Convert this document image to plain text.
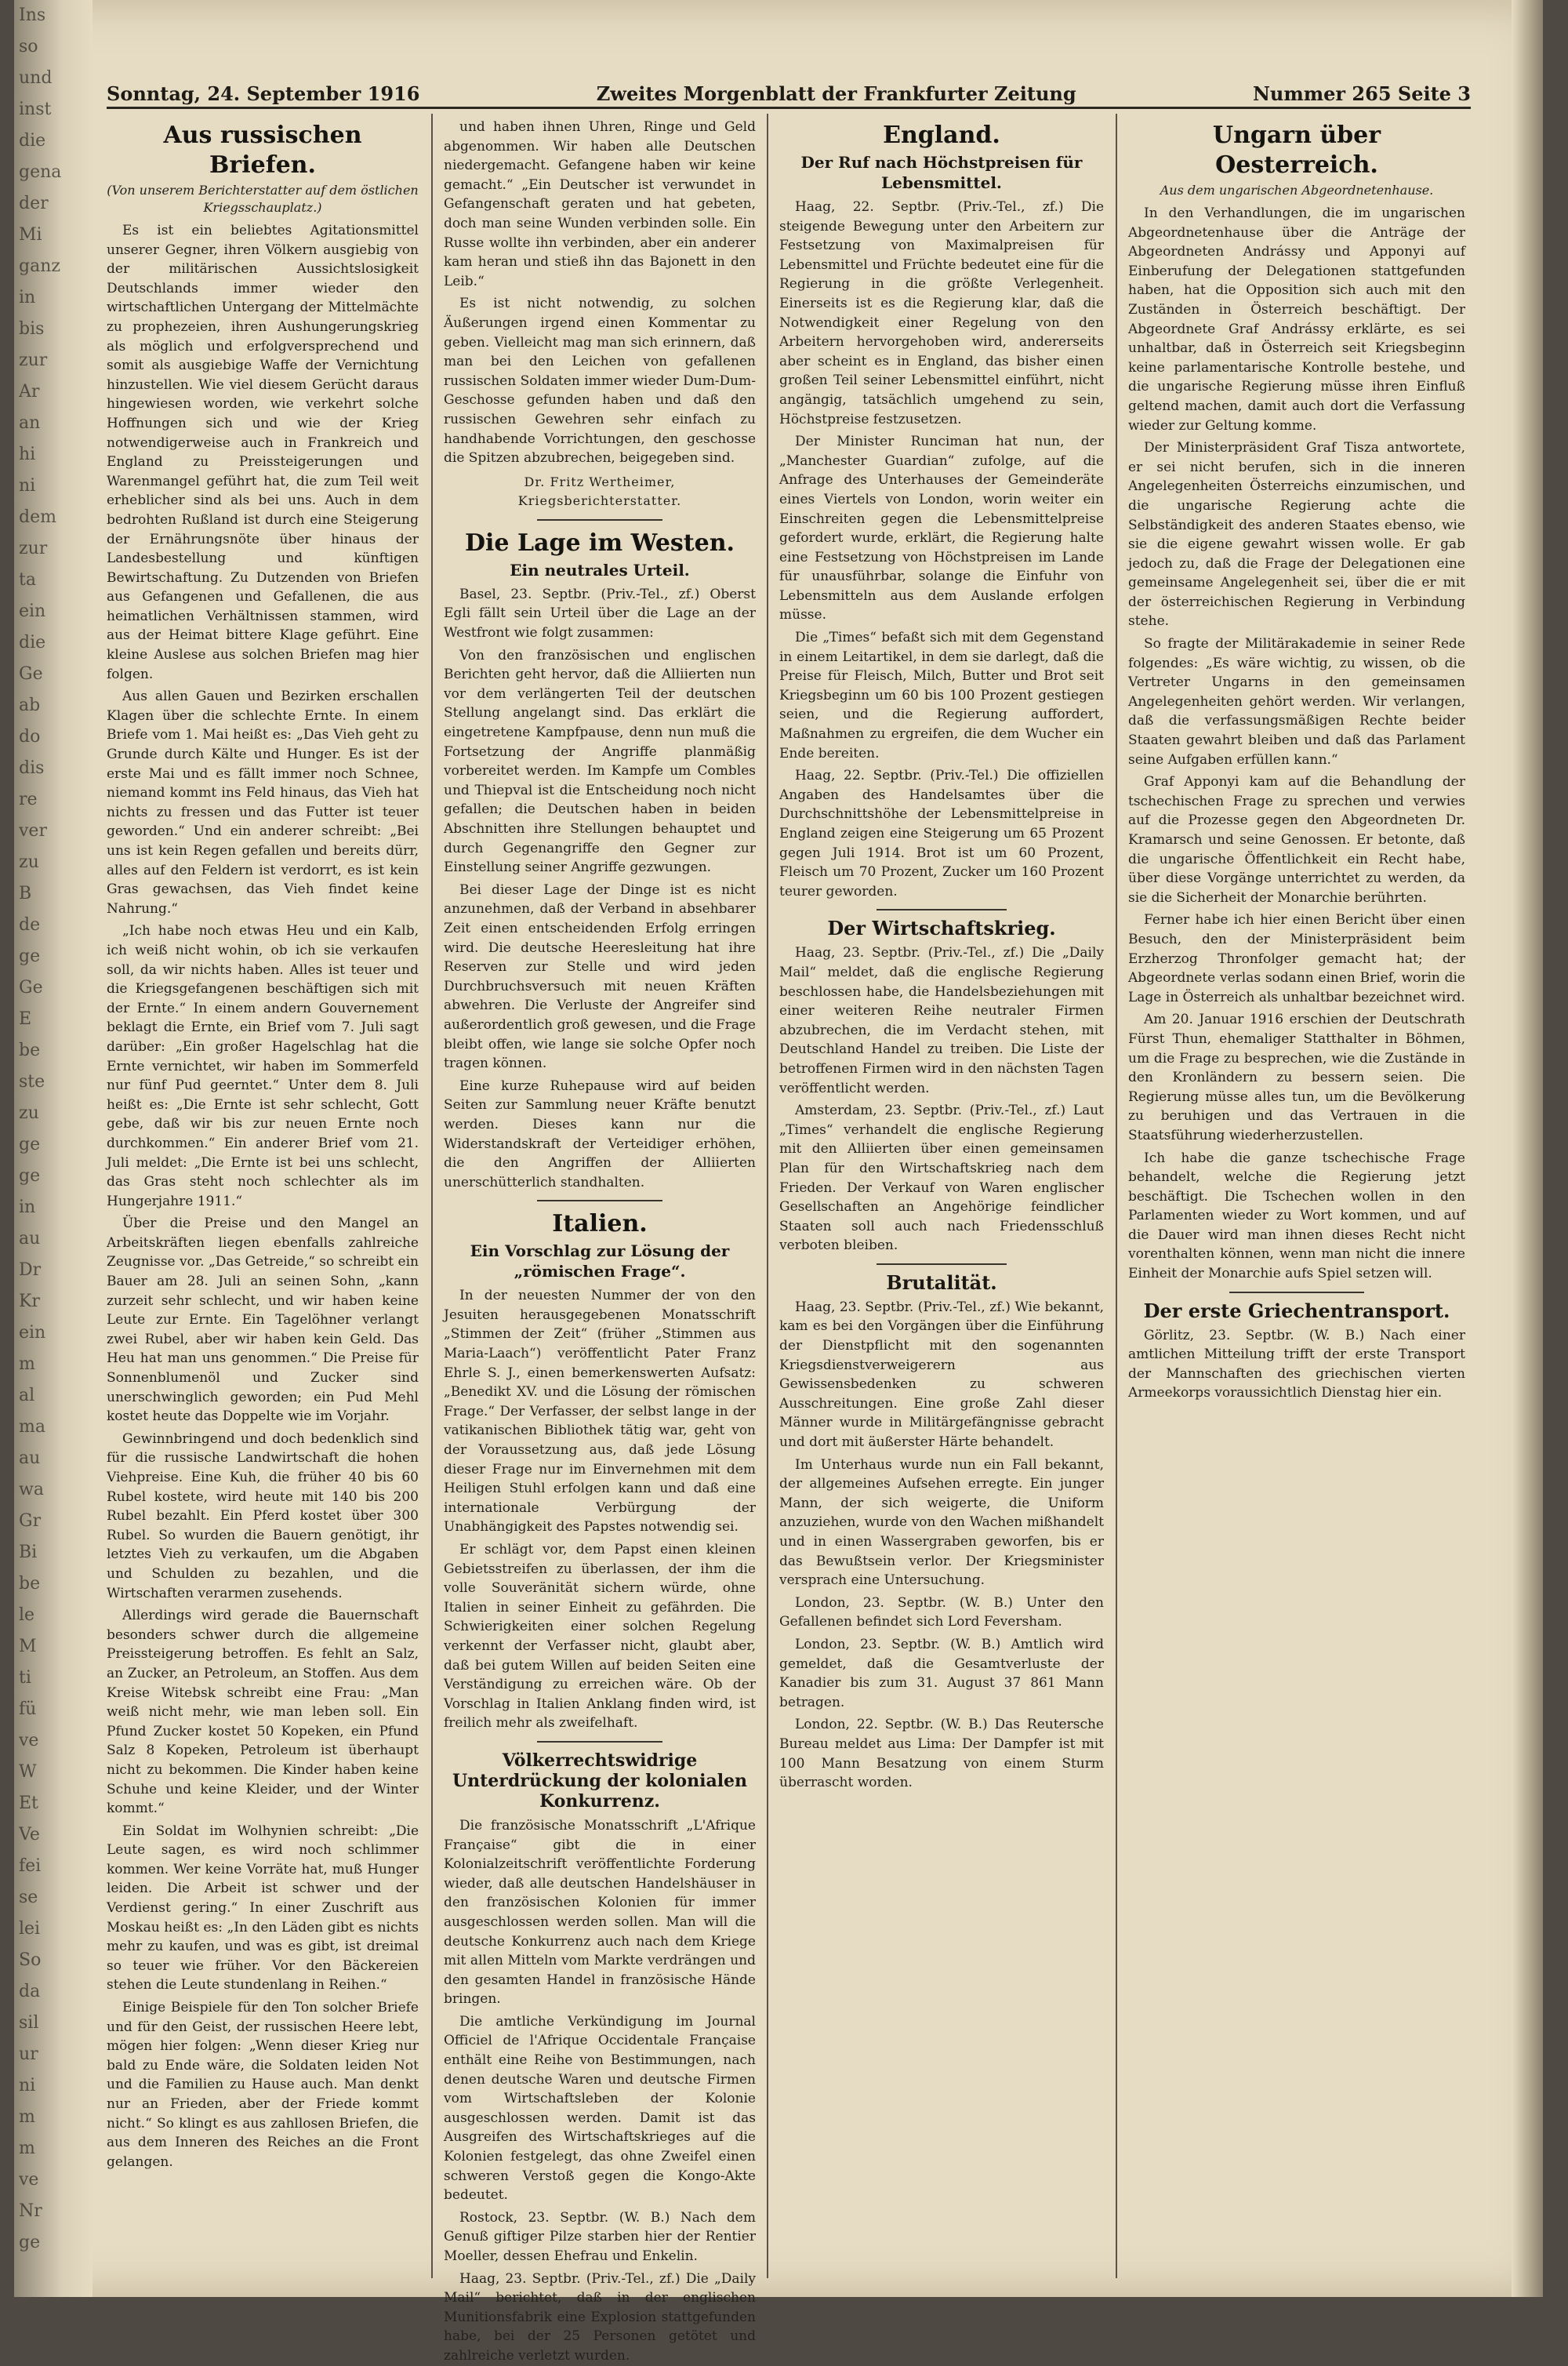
Ins
so
und
inst
die
gena
der
Mi
ganz
in
bis
zur
Ar
an
hi
ni
dem
zur
ta
ein
die
Ge
ab
do
dis
re
ver
zu
B
de
ge
Ge
E
be
ste
zu
ge
ge
in
au
Dr
Kr
ein
m
al
ma
au
wa
Gr
Bi
be
le
M
ti
fü
ve
W
Et
Ve
fei
se
lei
So
da
sil
ur
ni
m
m
ve
Nr
ge
Sonntag, 24. September 1916	Zweites Morgenblatt der Frankfurter Zeitung	Nummer 265 Seite 3
Aus russischen Briefen.
(Von unserem Berichterstatter auf dem östlichen Kriegsschauplatz.)

Es ist ein beliebtes Agitationsmittel unserer Gegner, ihren Völkern ausgiebig von der militärischen Aussichtslosigkeit Deutschlands immer wieder den wirtschaftlichen Untergang der Mittelmächte zu prophezeien, ihren Aushungerungskrieg als möglich und erfolgversprechend und somit als ausgiebige Waffe der Vernichtung hinzustellen. Wie viel diesem Gerücht daraus hingewiesen worden, wie verkehrt solche Hoffnungen sich und wie der Krieg notwendigerweise auch in Frankreich und England zu Preissteigerungen und Warenmangel geführt hat, die zum Teil weit erheblicher sind als bei uns. Auch in dem bedrohten Rußland ist durch eine Steigerung der Ernährungsnöte über hinaus der Landesbestellung und künftigen Bewirtschaftung. Zu Dutzenden von Briefen aus Gefangenen und Gefallenen, die aus heimatlichen Verhältnissen stammen, wird aus der Heimat bittere Klage geführt. Eine kleine Auslese aus solchen Briefen mag hier folgen.

Aus allen Gauen und Bezirken erschallen Klagen über die schlechte Ernte. In einem Briefe vom 1. Mai heißt es: „Das Vieh geht zu Grunde durch Kälte und Hunger. Es ist der erste Mai und es fällt immer noch Schnee, niemand kommt ins Feld hinaus, das Vieh hat nichts zu fressen und das Futter ist teuer geworden.“ Und ein anderer schreibt: „Bei uns ist kein Regen gefallen und bereits dürr, alles auf den Feldern ist verdorrt, es ist kein Gras gewachsen, das Vieh findet keine Nahrung.“

„Ich habe noch etwas Heu und ein Kalb, ich weiß nicht wohin, ob ich sie verkaufen soll, da wir nichts haben. Alles ist teuer und die Kriegsgefangenen beschäftigen sich mit der Ernte.“ In einem andern Gouvernement beklagt die Ernte, ein Brief vom 7. Juli sagt darüber: „Ein großer Hagelschlag hat die Ernte vernichtet, wir haben im Sommerfeld nur fünf Pud geerntet.“ Unter dem 8. Juli heißt es: „Die Ernte ist sehr schlecht, Gott gebe, daß wir bis zur neuen Ernte noch durchkommen.“ Ein anderer Brief vom 21. Juli meldet: „Die Ernte ist bei uns schlecht, das Gras steht noch schlechter als im Hungerjahre 1911.“

Über die Preise und den Mangel an Arbeitskräften liegen ebenfalls zahlreiche Zeugnisse vor. „Das Getreide,“ so schreibt ein Bauer am 28. Juli an seinen Sohn, „kann zurzeit sehr schlecht, und wir haben keine Leute zur Ernte. Ein Tagelöhner verlangt zwei Rubel, aber wir haben kein Geld. Das Heu hat man uns genommen.“ Die Preise für Sonnenblumenöl und Zucker sind unerschwinglich geworden; ein Pud Mehl kostet heute das Doppelte wie im Vorjahr.

Gewinnbringend und doch bedenklich sind für die russische Landwirtschaft die hohen Viehpreise. Eine Kuh, die früher 40 bis 60 Rubel kostete, wird heute mit 140 bis 200 Rubel bezahlt. Ein Pferd kostet über 300 Rubel. So wurden die Bauern genötigt, ihr letztes Vieh zu verkaufen, um die Abgaben und Schulden zu bezahlen, und die Wirtschaften verarmen zusehends.

Allerdings wird gerade die Bauernschaft besonders schwer durch die allgemeine Preissteigerung betroffen. Es fehlt an Salz, an Zucker, an Petroleum, an Stoffen. Aus dem Kreise Witebsk schreibt eine Frau: „Man weiß nicht mehr, wie man leben soll. Ein Pfund Zucker kostet 50 Kopeken, ein Pfund Salz 8 Kopeken, Petroleum ist überhaupt nicht zu bekommen. Die Kinder haben keine Schuhe und keine Kleider, und der Winter kommt.“

Ein Soldat im Wolhynien schreibt: „Die Leute sagen, es wird noch schlimmer kommen. Wer keine Vorräte hat, muß Hunger leiden. Die Arbeit ist schwer und der Verdienst gering.“ In einer Zuschrift aus Moskau heißt es: „In den Läden gibt es nichts mehr zu kaufen, und was es gibt, ist dreimal so teuer wie früher. Vor den Bäckereien stehen die Leute stundenlang in Reihen.“

Einige Beispiele für den Ton solcher Briefe und für den Geist, der russischen Heere lebt, mögen hier folgen: „Wenn dieser Krieg nur bald zu Ende wäre, die Soldaten leiden Not und die Familien zu Hause auch. Man denkt nur an Frieden, aber der Friede kommt nicht.“ So klingt es aus zahllosen Briefen, die aus dem Inneren des Reiches an die Front gelangen.

und haben ihnen Uhren, Ringe und Geld abgenommen. Wir haben alle Deutschen niedergemacht. Gefangene haben wir keine gemacht.“ „Ein Deutscher ist verwundet in Gefangenschaft geraten und hat gebeten, doch man seine Wunden verbinden solle. Ein Russe wollte ihn verbinden, aber ein anderer kam heran und stieß ihn das Bajonett in den Leib.“

Es ist nicht notwendig, zu solchen Äußerungen irgend einen Kommentar zu geben. Vielleicht mag man sich erinnern, daß man bei den Leichen von gefallenen russischen Soldaten immer wieder Dum-Dum-Geschosse gefunden haben und daß den russischen Gewehren sehr einfach zu handhabende Vorrichtungen, den geschosse die Spitzen abzubrechen, beigegeben sind.

Dr. Fritz Wertheimer, Kriegsberichterstatter.
Die Lage im Westen.
Ein neutrales Urteil.

Basel, 23. Septbr. (Priv.-Tel., zf.) Oberst Egli fällt sein Urteil über die Lage an der Westfront wie folgt zusammen:

Von den französischen und englischen Berichten geht hervor, daß die Alliierten nun vor dem verlängerten Teil der deutschen Stellung angelangt sind. Das erklärt die eingetretene Kampfpause, denn nun muß die Fortsetzung der Angriffe planmäßig vorbereitet werden. Im Kampfe um Combles und Thiepval ist die Entscheidung noch nicht gefallen; die Deutschen haben in beiden Abschnitten ihre Stellungen behauptet und durch Gegenangriffe den Gegner zur Einstellung seiner Angriffe gezwungen.

Bei dieser Lage der Dinge ist es nicht anzunehmen, daß der Verband in absehbarer Zeit einen entscheidenden Erfolg erringen wird. Die deutsche Heeresleitung hat ihre Reserven zur Stelle und wird jeden Durchbruchsversuch mit neuen Kräften abwehren. Die Verluste der Angreifer sind außerordentlich groß gewesen, und die Frage bleibt offen, wie lange sie solche Opfer noch tragen können.

Eine kurze Ruhepause wird auf beiden Seiten zur Sammlung neuer Kräfte benutzt werden. Dieses kann nur die Widerstandskraft der Verteidiger erhöhen, die den Angriffen der Alliierten unerschütterlich standhalten.

Italien.
Ein Vorschlag zur Lösung der „römischen Frage“.

In der neuesten Nummer der von den Jesuiten herausgegebenen Monatsschrift „Stimmen der Zeit“ (früher „Stimmen aus Maria-Laach“) veröffentlicht Pater Franz Ehrle S. J., einen bemerkenswerten Aufsatz: „Benedikt XV. und die Lösung der römischen Frage.“ Der Verfasser, der selbst lange in der vatikanischen Bibliothek tätig war, geht von der Voraussetzung aus, daß jede Lösung dieser Frage nur im Einvernehmen mit dem Heiligen Stuhl erfolgen kann und daß eine internationale Verbürgung der Unabhängigkeit des Papstes notwendig sei.

Er schlägt vor, dem Papst einen kleinen Gebietsstreifen zu überlassen, der ihm die volle Souveränität sichern würde, ohne Italien in seiner Einheit zu gefährden. Die Schwierigkeiten einer solchen Regelung verkennt der Verfasser nicht, glaubt aber, daß bei gutem Willen auf beiden Seiten eine Verständigung zu erreichen wäre. Ob der Vorschlag in Italien Anklang finden wird, ist freilich mehr als zweifelhaft.

Völkerrechtswidrige Unterdrückung der kolonialen Konkurrenz.

Die französische Monatsschrift „L'Afrique Française“ gibt die in einer Kolonialzeitschrift veröffentlichte Forderung wieder, daß alle deutschen Handelshäuser in den französischen Kolonien für immer ausgeschlossen werden sollen. Man will die deutsche Konkurrenz auch nach dem Kriege mit allen Mitteln vom Markte verdrängen und den gesamten Handel in französische Hände bringen.

Die amtliche Verkündigung im Journal Officiel de l'Afrique Occidentale Française enthält eine Reihe von Bestimmungen, nach denen deutsche Waren und deutsche Firmen vom Wirtschaftsleben der Kolonie ausgeschlossen werden. Damit ist das Ausgreifen des Wirtschaftskrieges auf die Kolonien festgelegt, das ohne Zweifel einen schweren Verstoß gegen die Kongo-Akte bedeutet.

Rostock, 23. Septbr. (W. B.) Nach dem Genuß giftiger Pilze starben hier der Rentier Moeller, dessen Ehefrau und Enkelin.

Haag, 23. Septbr. (Priv.-Tel., zf.) Die „Daily Mail“ berichtet, daß in der englischen Munitionsfabrik eine Explosion stattgefunden habe, bei der 25 Personen getötet und zahlreiche verletzt wurden.

England.
Der Ruf nach Höchstpreisen für Lebensmittel.

Haag, 22. Septbr. (Priv.-Tel., zf.) Die steigende Bewegung unter den Arbeitern zur Festsetzung von Maximalpreisen für Lebensmittel und Früchte bedeutet eine für die Regierung in die größte Verlegenheit. Einerseits ist es die Regierung klar, daß die Notwendigkeit einer Regelung von den Arbeitern hervorgehoben wird, andererseits aber scheint es in England, das bisher einen großen Teil seiner Lebensmittel einführt, nicht angängig, tatsächlich umgehend zu sein, Höchstpreise festzusetzen.

Der Minister Runciman hat nun, der „Manchester Guardian“ zufolge, auf die Anfrage des Unterhauses der Gemeinderäte eines Viertels von London, worin weiter ein Einschreiten gegen die Lebensmittelpreise gefordert wurde, erklärt, die Regierung halte eine Festsetzung von Höchstpreisen im Lande für unausführbar, solange die Einfuhr von Lebensmitteln aus dem Auslande erfolgen müsse.

Die „Times“ befaßt sich mit dem Gegenstand in einem Leitartikel, in dem sie darlegt, daß die Preise für Fleisch, Milch, Butter und Brot seit Kriegsbeginn um 60 bis 100 Prozent gestiegen seien, und die Regierung auffordert, Maßnahmen zu ergreifen, die dem Wucher ein Ende bereiten.

Haag, 22. Septbr. (Priv.-Tel.) Die offiziellen Angaben des Handelsamtes über die Durchschnittshöhe der Lebensmittelpreise in England zeigen eine Steigerung um 65 Prozent gegen Juli 1914. Brot ist um 60 Prozent, Fleisch um 70 Prozent, Zucker um 160 Prozent teurer geworden.

Der Wirtschaftskrieg.

Haag, 23. Septbr. (Priv.-Tel., zf.) Die „Daily Mail“ meldet, daß die englische Regierung beschlossen habe, die Handelsbeziehungen mit einer weiteren Reihe neutraler Firmen abzubrechen, die im Verdacht stehen, mit Deutschland Handel zu treiben. Die Liste der betroffenen Firmen wird in den nächsten Tagen veröffentlicht werden.

Amsterdam, 23. Septbr. (Priv.-Tel., zf.) Laut „Times“ verhandelt die englische Regierung mit den Alliierten über einen gemeinsamen Plan für den Wirtschaftskrieg nach dem Frieden. Der Verkauf von Waren englischer Gesellschaften an Angehörige feindlicher Staaten soll auch nach Friedensschluß verboten bleiben.

Brutalität.

Haag, 23. Septbr. (Priv.-Tel., zf.) Wie bekannt, kam es bei den Vorgängen über die Einführung der Dienstpflicht mit den sogenannten Kriegsdienstverweigerern aus Gewissensbedenken zu schweren Ausschreitungen. Eine große Zahl dieser Männer wurde in Militärgefängnisse gebracht und dort mit äußerster Härte behandelt.

Im Unterhaus wurde nun ein Fall bekannt, der allgemeines Aufsehen erregte. Ein junger Mann, der sich weigerte, die Uniform anzuziehen, wurde von den Wachen mißhandelt und in einen Wassergraben geworfen, bis er das Bewußtsein verlor. Der Kriegsminister versprach eine Untersuchung.

London, 23. Septbr. (W. B.) Unter den Gefallenen befindet sich Lord Feversham.

London, 23. Septbr. (W. B.) Amtlich wird gemeldet, daß die Gesamtverluste der Kanadier bis zum 31. August 37 861 Mann betragen.

London, 22. Septbr. (W. B.) Das Reutersche Bureau meldet aus Lima: Der Dampfer ist mit 100 Mann Besatzung von einem Sturm überrascht worden.

Ungarn über Oesterreich.
Aus dem ungarischen Abgeordnetenhause.

In den Verhandlungen, die im ungarischen Abgeordnetenhause über die Anträge der Abgeordneten Andrássy und Apponyi auf Einberufung der Delegationen stattgefunden haben, hat die Opposition sich auch mit den Zuständen in Österreich beschäftigt. Der Abgeordnete Graf Andrássy erklärte, es sei unhaltbar, daß in Österreich seit Kriegsbeginn keine parlamentarische Kontrolle bestehe, und die ungarische Regierung müsse ihren Einfluß geltend machen, damit auch dort die Verfassung wieder zur Geltung komme.

Der Ministerpräsident Graf Tisza antwortete, er sei nicht berufen, sich in die inneren Angelegenheiten Österreichs einzumischen, und die ungarische Regierung achte die Selbständigkeit des anderen Staates ebenso, wie sie die eigene gewahrt wissen wolle. Er gab jedoch zu, daß die Frage der Delegationen eine gemeinsame Angelegenheit sei, über die er mit der österreichischen Regierung in Verbindung stehe.

So fragte der Militärakademie in seiner Rede folgendes: „Es wäre wichtig, zu wissen, ob die Vertreter Ungarns in den gemeinsamen Angelegenheiten gehört werden. Wir verlangen, daß die verfassungsmäßigen Rechte beider Staaten gewahrt bleiben und daß das Parlament seine Aufgaben erfüllen kann.“

Graf Apponyi kam auf die Behandlung der tschechischen Frage zu sprechen und verwies auf die Prozesse gegen den Abgeordneten Dr. Kramarsch und seine Genossen. Er betonte, daß die ungarische Öffentlichkeit ein Recht habe, über diese Vorgänge unterrichtet zu werden, da sie die Sicherheit der Monarchie berührten.

Ferner habe ich hier einen Bericht über einen Besuch, den der Ministerpräsident beim Erzherzog Thronfolger gemacht hat; der Abgeordnete verlas sodann einen Brief, worin die Lage in Österreich als unhaltbar bezeichnet wird.

Am 20. Januar 1916 erschien der Deutschrath Fürst Thun, ehemaliger Statthalter in Böhmen, um die Frage zu besprechen, wie die Zustände in den Kronländern zu bessern seien. Die Regierung müsse alles tun, um die Bevölkerung zu beruhigen und das Vertrauen in die Staatsführung wiederherzustellen.

Ich habe die ganze tschechische Frage behandelt, welche die Regierung jetzt beschäftigt. Die Tschechen wollen in den Parlamenten wieder zu Wort kommen, und auf die Dauer wird man ihnen dieses Recht nicht vorenthalten können, wenn man nicht die innere Einheit der Monarchie aufs Spiel setzen will.

Der erste Griechentransport.

Görlitz, 23. Septbr. (W. B.) Nach einer amtlichen Mitteilung trifft der erste Transport der Mannschaften des griechischen vierten Armeekorps voraussichtlich Dienstag hier ein.
